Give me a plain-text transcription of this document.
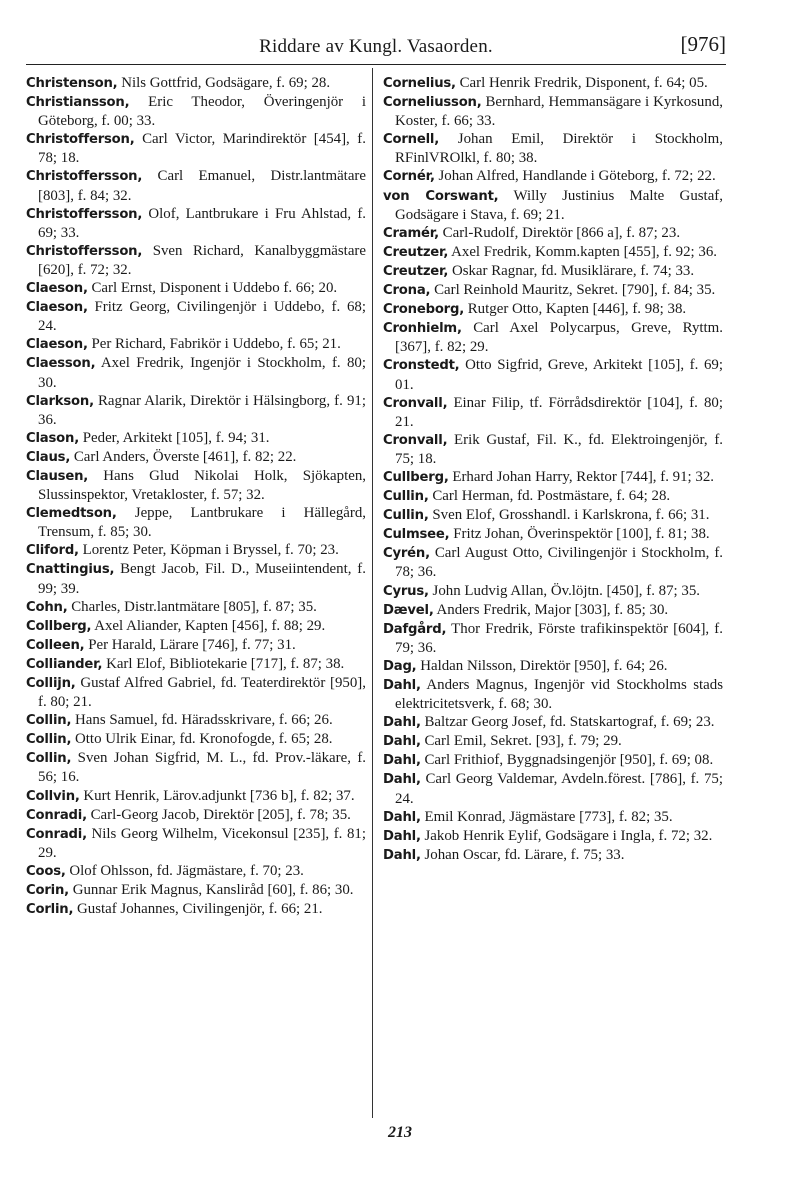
Riddare av Kungl. Vasaorden.	[976]
Christenson, Nils Gottfrid, Godsägare, f. 69; 28.
Christiansson, Eric Theodor, Överingenjör i Göteborg, f. 00; 33.
Christofferson, Carl Victor, Marindirektör [454], f. 78; 18.
Christoffersson, Carl Emanuel, Distr.lantmätare [803], f. 84; 32.
Christoffersson, Olof, Lantbrukare i Fru Ahlstad, f. 69; 33.
Christoffersson, Sven Richard, Kanalbyggmästare [620], f. 72; 32.
Claeson, Carl Ernst, Disponent i Uddebo f. 66; 20.
Claeson, Fritz Georg, Civilingenjör i Uddebo, f. 68; 24.
Claeson, Per Richard, Fabrikör i Uddebo, f. 65; 21.
Claesson, Axel Fredrik, Ingenjör i Stockholm, f. 80; 30.
Clarkson, Ragnar Alarik, Direktör i Hälsingborg, f. 91; 36.
Clason, Peder, Arkitekt [105], f. 94; 31.
Claus, Carl Anders, Överste [461], f. 82; 22.
Clausen, Hans Glud Nikolai Holk, Sjökapten, Slussinspektor, Vretakloster, f. 57; 32.
Clemedtson, Jeppe, Lantbrukare i Hällegård, Trensum, f. 85; 30.
Cliford, Lorentz Peter, Köpman i Bryssel, f. 70; 23.
Cnattingius, Bengt Jacob, Fil. D., Museiintendent, f. 99; 39.
Cohn, Charles, Distr.lantmätare [805], f. 87; 35.
Collberg, Axel Aliander, Kapten [456], f. 88; 29.
Colleen, Per Harald, Lärare [746], f. 77; 31.
Colliander, Karl Elof, Bibliotekarie [717], f. 87; 38.
Collijn, Gustaf Alfred Gabriel, fd. Teaterdirektör [950], f. 80; 21.
Collin, Hans Samuel, fd. Häradsskrivare, f. 66; 26.
Collin, Otto Ulrik Einar, fd. Kronofogde, f. 65; 28.
Collin, Sven Johan Sigfrid, M. L., fd. Prov.-läkare, f. 56; 16.
Collvin, Kurt Henrik, Lärov.adjunkt [736 b], f. 82; 37.
Conradi, Carl-Georg Jacob, Direktör [205], f. 78; 35.
Conradi, Nils Georg Wilhelm, Vicekonsul [235], f. 81; 29.
Coos, Olof Ohlsson, fd. Jägmästare, f. 70; 23.
Corin, Gunnar Erik Magnus, Kansliråd [60], f. 86; 30.
Corlin, Gustaf Johannes, Civilingenjör, f. 66; 21.
Cornelius, Carl Henrik Fredrik, Disponent, f. 64; 05.
Corneliusson, Bernhard, Hemmansägare i Kyrkosund, Koster, f. 66; 33.
Cornell, Johan Emil, Direktör i Stockholm, RFinlVROlkl, f. 80; 38.
Cornér, Johan Alfred, Handlande i Göteborg, f. 72; 22.
von Corswant, Willy Justinius Malte Gustaf, Godsägare i Stava, f. 69; 21.
Cramér, Carl-Rudolf, Direktör [866 a], f. 87; 23.
Creutzer, Axel Fredrik, Komm.kapten [455], f. 92; 36.
Creutzer, Oskar Ragnar, fd. Musiklärare, f. 74; 33.
Crona, Carl Reinhold Mauritz, Sekret. [790], f. 84; 35.
Croneborg, Rutger Otto, Kapten [446], f. 98; 38.
Cronhielm, Carl Axel Polycarpus, Greve, Ryttm. [367], f. 82; 29.
Cronstedt, Otto Sigfrid, Greve, Arkitekt [105], f. 69; 01.
Cronvall, Einar Filip, tf. Förrådsdirektör [104], f. 80; 21.
Cronvall, Erik Gustaf, Fil. K., fd. Elektroingenjör, f. 75; 18.
Cullberg, Erhard Johan Harry, Rektor [744], f. 91; 32.
Cullin, Carl Herman, fd. Postmästare, f. 64; 28.
Cullin, Sven Elof, Grosshandl. i Karlskrona, f. 66; 31.
Culmsee, Fritz Johan, Överinspektör [100], f. 81; 38.
Cyrén, Carl August Otto, Civilingenjör i Stockholm, f. 78; 36.
Cyrus, John Ludvig Allan, Öv.löjtn. [450], f. 87; 35.
Dævel, Anders Fredrik, Major [303], f. 85; 30.
Dafgård, Thor Fredrik, Förste trafikinspektör [604], f. 79; 36.
Dag, Haldan Nilsson, Direktör [950], f. 64; 26.
Dahl, Anders Magnus, Ingenjör vid Stockholms stads elektricitetsverk, f. 68; 30.
Dahl, Baltzar Georg Josef, fd. Statskartograf, f. 69; 23.
Dahl, Carl Emil, Sekret. [93], f. 79; 29.
Dahl, Carl Frithiof, Byggnadsingenjör [950], f. 69; 08.
Dahl, Carl Georg Valdemar, Avdeln.förest. [786], f. 75; 24.
Dahl, Emil Konrad, Jägmästare [773], f. 82; 35.
Dahl, Jakob Henrik Eylif, Godsägare i Ingla, f. 72; 32.
Dahl, Johan Oscar, fd. Lärare, f. 75; 33.
213
